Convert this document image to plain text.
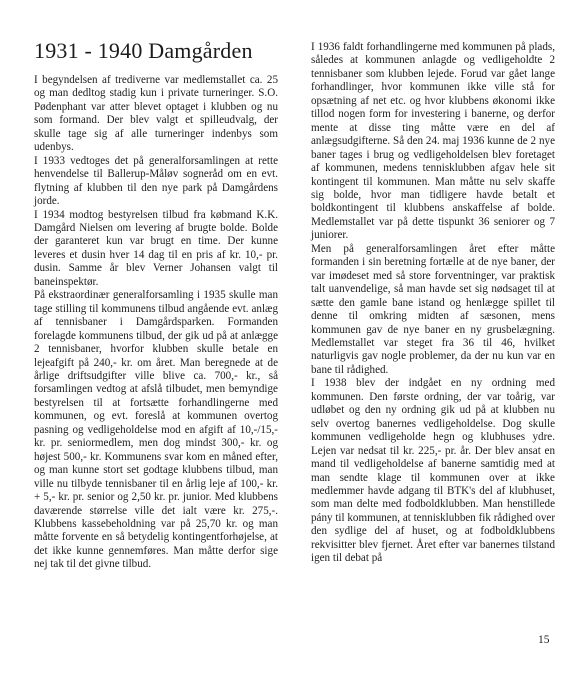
1931 - 1940 Damgården

I begyndelsen af trediverne var medlemstallet ca. 25 og man dedltog stadig kun i private turneringer. S.O. Pødenphant var atter blevet optaget i klubben og nu som formand. Der blev valgt et spilleudvalg, der skulle tage sig af alle turneringer indenbys som udenbys.

I 1933 vedtoges det på generalforsamlingen at rette henvendelse til Ballerup-Måløv sogneråd om en evt. flytning af klubben til den nye park på Damgårdens jorde.

I 1934 modtog bestyrelsen tilbud fra købmand K.K. Damgård Nielsen om levering af brugte bolde. Bolde der garanteret kun var brugt en time. Der kunne leveres et dusin hver 14 dag til en pris af kr. 10,- pr. dusin. Samme år blev Verner Johansen valgt til baneinspektør.

På ekstraordinær generalforsamling i 1935 skulle man tage stilling til kommunens tilbud angående evt. anlæg af tennisbaner i Damgårdsparken. Formanden forelagde kommunens tilbud, der gik ud på at anlægge 2 tennisbaner, hvorfor klubben skulle betale en lejeafgift på 240,- kr. om året. Man beregnede at de årlige driftsudgifter ville blive ca. 700,- kr., så forsamlingen vedtog at afslå tilbudet, men bemyndige bestyrelsen til at fortsætte forhandlingerne med kommunen, og evt. foreslå at kommunen overtog pasning og vedligeholdelse mod en afgift af 10,-/15,- kr. pr. seniormedlem, men dog mindst 300,- kr. og højest 500,- kr. Kommunens svar kom en måned efter, og man kunne stort set godtage klubbens tilbud, man ville nu tilbyde tennisbaner til en årlig leje af 100,- kr. + 5,- kr. pr. senior og 2,50 kr. pr. junior. Med klubbens daværende størrelse ville det ialt være kr. 275,-. Klubbens kassebeholdning var på 25,70 kr. og man måtte forvente en så betydelig kontingentforhøjelse, at det ikke kunne gennemføres. Man måtte derfor sige nej tak til det givne tilbud.

I 1936 faldt forhandlingerne med kommunen på plads, således at kommunen anlagde og vedligeholdte 2 tennisbaner som klubben lejede. Forud var gået lange forhandlinger, hvor kommunen ikke ville stå for opsætning af net etc. og hvor klubbens økonomi ikke tillod nogen form for investering i banerne, og derfor mente at disse ting måtte være en del af anlægsudgifterne. Så den 24. maj 1936 kunne de 2 nye baner tages i brug og vedligeholdelsen blev foretaget af kommunen, medens tennisklubben afgav hele sit kontingent til kommunen. Man måtte nu selv skaffe sig bolde, hvor man tidligere havde betalt et boldkontingent til klubbens anskaffelse af bolde. Medlemstallet var på dette tispunkt 36 seniorer og 7 juniorer.

Men på generalforsamlingen året efter måtte formanden i sin beretning fortælle at de nye baner, der var imødeset med så store forventninger, var praktisk talt uanvendelige, så man havde set sig nødsaget til at sætte den gamle bane istand og henlægge spillet til denne til omkring midten af sæsonen, mens kommunen gav de nye baner en ny grusbelægning. Medlemstallet var steget fra 36 til 46, hvilket naturligvis gav nogle problemer, da der nu kun var en bane til rådighed.

I 1938 blev der indgået en ny ordning med kommunen. Den første ordning, der var toårig, var udløbet og den ny ordning gik ud på at klubben nu selv overtog banernes vedligeholdelse. Dog skulle kommunen vedligeholde hegn og klubhuses ydre. Lejen var nedsat til kr. 225,- pr. år. Der blev ansat en mand til vedligeholdelse af banerne samtidig med at man sendte klage til kommunen over at ikke medlemmer havde adgang til BTK's del af klubhuset, som man delte med fodboldklubben. Man henstillede pány til kommunen, at tennisklubben fik rådighed over den sydlige del af huset, og at fodboldklubbens rekvisitter blev fjernet. Året efter var banernes tilstand igen til debat på

15
